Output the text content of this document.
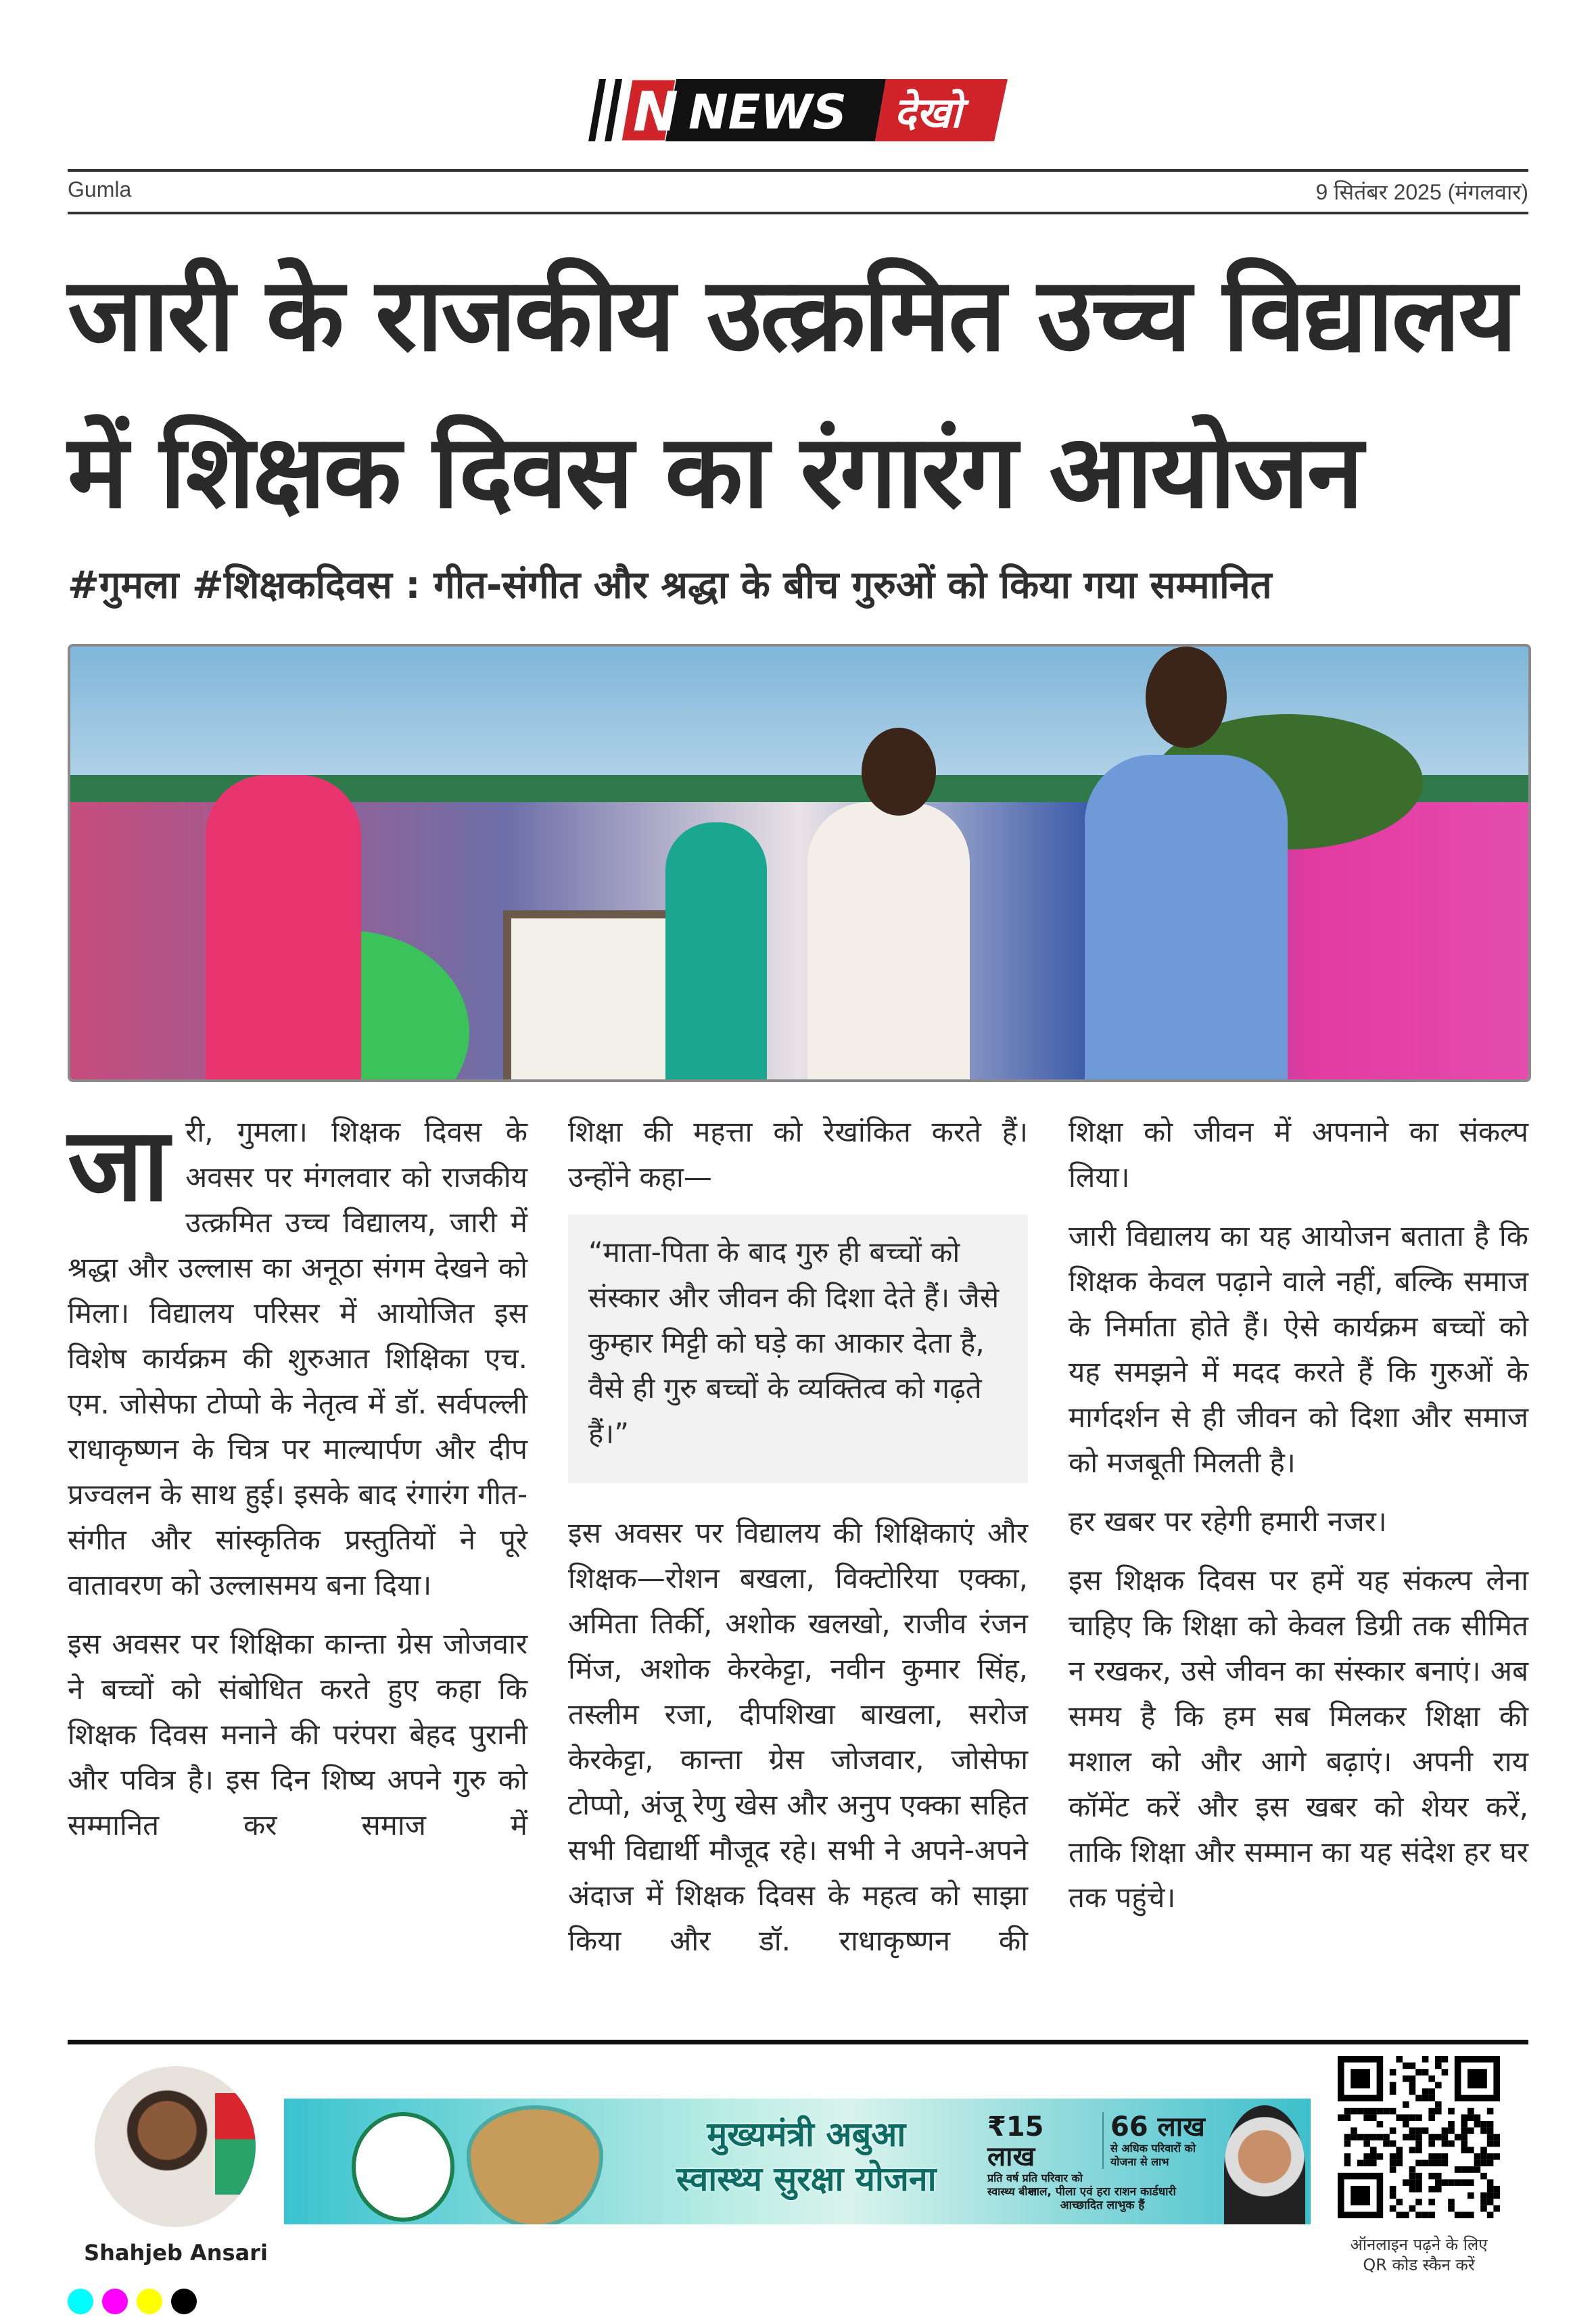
N NEWS देखो
Gumla	9 सितंबर 2025 (मंगलवार)
जारी के राजकीय उत्क्रमित उच्च विद्यालय
में शिक्षक दिवस का रंगारंग आयोजन
#गुमला #शिक्षकदिवस : गीत-संगीत और श्रद्धा के बीच गुरुओं को किया गया सम्मानित

जारी, गुमला। शिक्षक दिवस के अवसर पर मंगलवार को राजकीय उत्क्रमित उच्च विद्यालय, जारी में श्रद्धा और उल्लास का अनूठा संगम देखने को मिला। विद्यालय परिसर में आयोजित इस विशेष कार्यक्रम की शुरुआत शिक्षिका एच. एम. जोसेफा टोप्पो के नेतृत्व में डॉ. सर्वपल्ली राधाकृष्णन के चित्र पर माल्यार्पण और दीप प्रज्वलन के साथ हुई। इसके बाद रंगारंग गीत-संगीत और सांस्कृतिक प्रस्तुतियों ने पूरे वातावरण को उल्लासमय बना दिया।

इस अवसर पर शिक्षिका कान्ता ग्रेस जोजवार ने बच्चों को संबोधित करते हुए कहा कि शिक्षक दिवस मनाने की परंपरा बेहद पुरानी और पवित्र है। इस दिन शिष्य अपने गुरु को सम्मानित कर समाज में

शिक्षा की महत्ता को रेखांकित करते हैं। उन्होंने कहा—

“माता-पिता के बाद गुरु ही बच्चों को संस्कार और जीवन की दिशा देते हैं। जैसे कुम्हार मिट्टी को घड़े का आकार देता है, वैसे ही गुरु बच्चों के व्यक्तित्व को गढ़ते हैं।”

इस अवसर पर विद्यालय की शिक्षिकाएं और शिक्षक—रोशन बखला, विक्टोरिया एक्का, अमिता तिर्की, अशोक खलखो, राजीव रंजन मिंज, अशोक केरकेट्टा, नवीन कुमार सिंह, तस्लीम रजा, दीपशिखा बाखला, सरोज केरकेट्टा, कान्ता ग्रेस जोजवार, जोसेफा टोप्पो, अंजू रेणु खेस और अनुप एक्का सहित सभी विद्यार्थी मौजूद रहे। सभी ने अपने-अपने अंदाज में शिक्षक दिवस के महत्व को साझा किया और डॉ. राधाकृष्णन की

शिक्षा को जीवन में अपनाने का संकल्प लिया।

जारी विद्यालय का यह आयोजन बताता है कि शिक्षक केवल पढ़ाने वाले नहीं, बल्कि समाज के निर्माता होते हैं। ऐसे कार्यक्रम बच्चों को यह समझने में मदद करते हैं कि गुरुओं के मार्गदर्शन से ही जीवन को दिशा और समाज को मजबूती मिलती है।

हर खबर पर रहेगी हमारी नजर।

इस शिक्षक दिवस पर हमें यह संकल्प लेना चाहिए कि शिक्षा को केवल डिग्री तक सीमित न रखकर, उसे जीवन का संस्कार बनाएं। अब समय है कि हम सब मिलकर शिक्षा की मशाल को और आगे बढ़ाएं। अपनी राय कॉमेंट करें और इस खबर को शेयर करें, ताकि शिक्षा और सम्मान का यह संदेश हर घर तक पहुंचे।

Shahjeb Ansari
मुख्यमंत्री अबुआ
स्वास्थ्य सुरक्षा योजना
₹15 लाख
प्रति वर्ष प्रति परिवार को स्वास्थ्य बीमा
66 लाख
से अधिक परिवारों को योजना से लाभ
लाल, पीला एवं हरा राशन कार्डधारी आच्छादित लाभुक हैं
ऑनलाइन पढ़ने के लिए
QR कोड स्कैन करें
